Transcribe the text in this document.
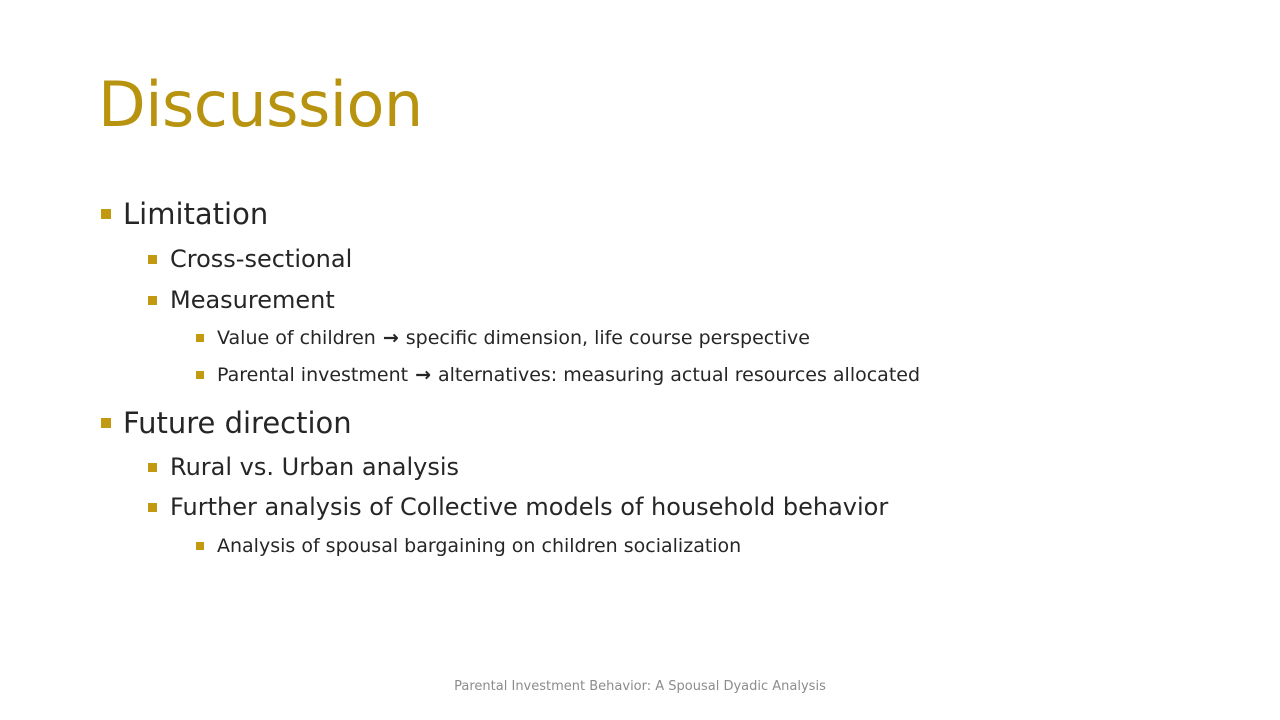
Discussion
Limitation
Cross-sectional
Measurement
Value of children → specific dimension, life course perspective
Parental investment → alternatives: measuring actual resources allocated
Future direction
Rural vs. Urban analysis
Further analysis of Collective models of household behavior
Analysis of spousal bargaining on children socialization
Parental Investment Behavior: A Spousal Dyadic Analysis
